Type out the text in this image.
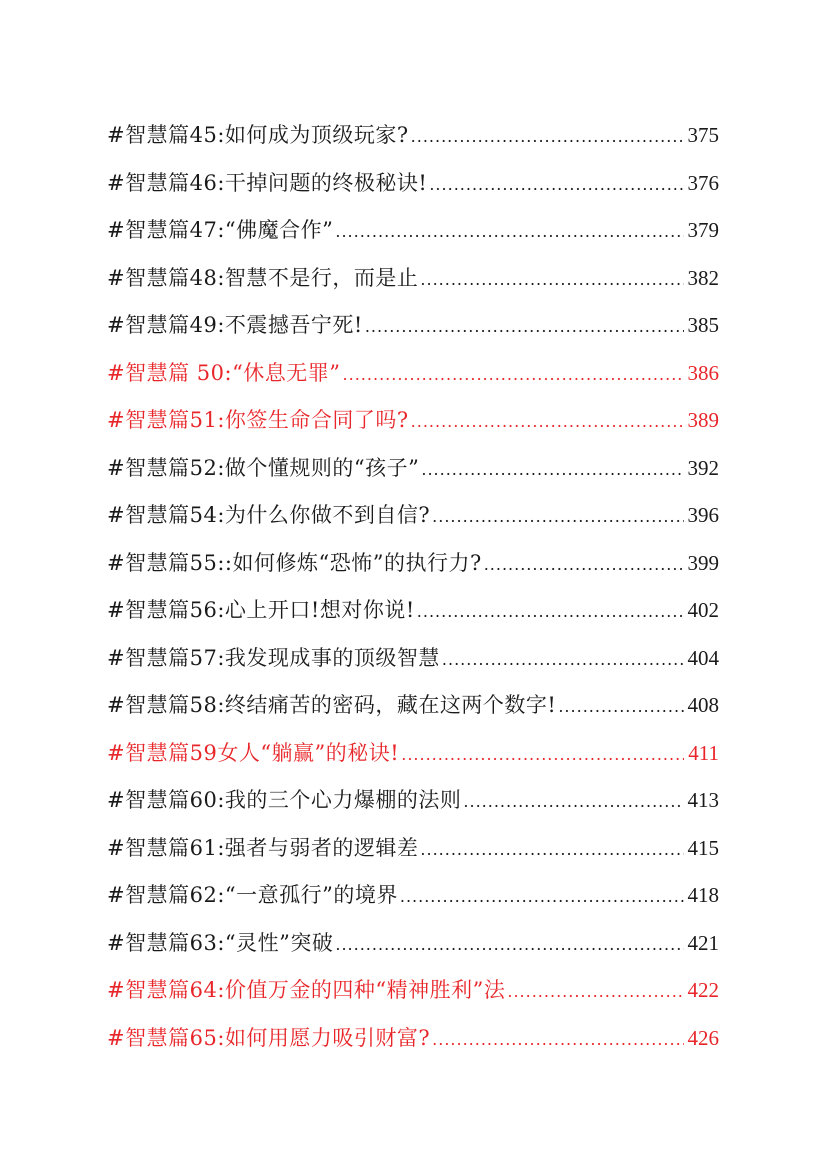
#智慧篇45:如何成为顶级玩家? .....	375
#智慧篇46:干掉问题的终极秘诀! .....	376
#智慧篇47:“佛魔合作” .....	379
#智慧篇48:智慧不是行，而是止 .....	382
#智慧篇49:不震撼吾宁死! .....	385
#智慧篇 50:“休息无罪” .....	386
#智慧篇51:你签生命合同了吗? .....	389
#智慧篇52:做个懂规则的“孩子” .....	392
#智慧篇54:为什么你做不到自信? .....	396
#智慧篇55::如何修炼“恐怖”的执行力? .....	399
#智慧篇56:心上开口!想对你说! .....	402
#智慧篇57:我发现成事的顶级智慧 .....	404
#智慧篇58:终结痛苦的密码，藏在这两个数字! .....	408
#智慧篇59女人“躺赢”的秘诀! .....	411
#智慧篇60:我的三个心力爆棚的法则 .....	413
#智慧篇61:强者与弱者的逻辑差 .....	415
#智慧篇62:“一意孤行”的境界 .....	418
#智慧篇63:“灵性”突破 .....	421
#智慧篇64:价值万金的四种“精神胜利”法 .....	422
#智慧篇65:如何用愿力吸引财富? .....	426
